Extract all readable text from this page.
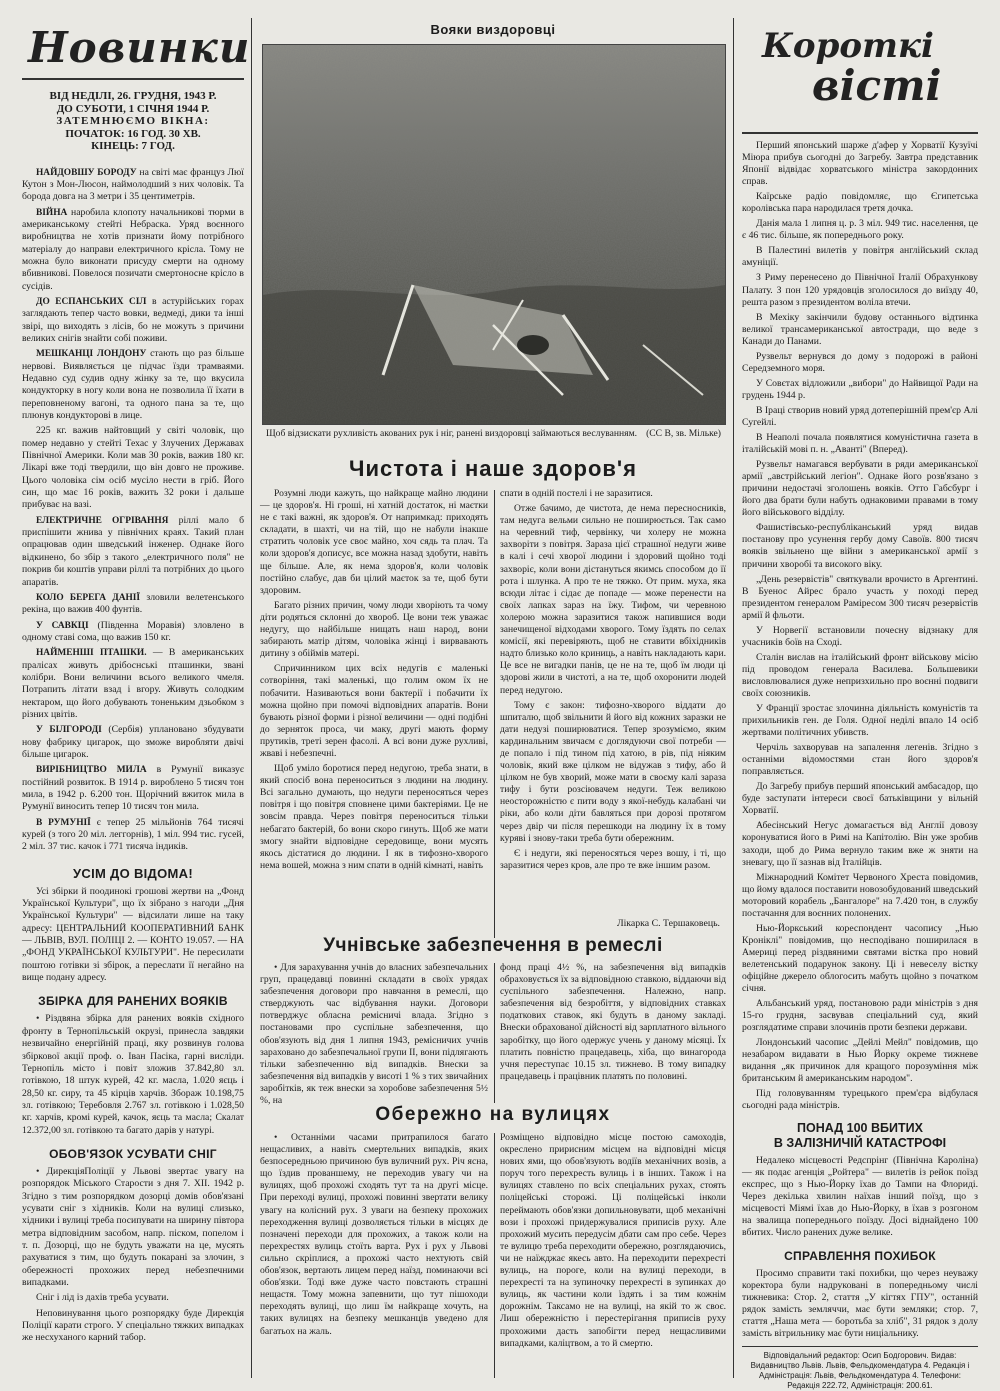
Новинки
ВІД НЕДІЛІ, 26. ГРУДНЯ, 1943 Р.
ДО СУБОТИ, 1 СІЧНЯ 1944 Р.
ЗАТЕМНЮЄМО ВІКНА:
ПОЧАТОК: 16 ГОД. 30 ХВ.
КІНЕЦЬ: 7 ГОД.

НАЙДОВШУ БОРОДУ на світі має француз Люї Кутон з Мон-Люсон, наймолодший з них чоловік. Та борода довга на 3 метри і 35 центиметрів.

ВІЙНА наробила клопоту начальникові тюрми в американському стейті Небраска. Уряд воєнного виробництва не хотів признати йому потрібного матеріалу до направи електричного крісла. Тому не можна було виконати присуду смерти на одному вбивникові. Повелося позичати смертоносне крісло в сусідів.

ДО ЕСПАНСЬКИХ СІЛ в астурійських горах заглядають тепер часто вовки, ведмеді, дики та інші звірі, що виходять з лісів, бо не можуть з причини великих снігів знайти собі поживи.

МЕШКАНЦІ ЛОНДОНУ стають що раз більше нервові. Виявляється це підчас їзди трамваями. Недавно суд судив одну жінку за те, що вкусила кондукторку в ногу коли вона не позволила її їхати в переповненому вагоні, та одного пана за те, що плюнув кондукторові в лице.

225 кг. важив найтовщий у світі чоловік, що помер недавно у стейті Техас у Злучених Державах Північної Америки. Коли мав 30 років, важив 180 кг. Лікарі вже тоді твердили, що він довго не проживе. Цього чоловіка сім осіб мусіло нести в гріб. Його син, що має 16 років, важить 32 роки і дальше прибуває на вазі.

ЕЛЕКТРИЧНЕ ОГРІВАННЯ ріллі мало б приспішити жнива у північних краях. Такий план опрацював один шведський інженер. Однаке його відкинено, бо збір з такого „електричного поля" не покрив би коштів управи ріллі та потрібних до цього апаратів.

КОЛО БЕРЕГА ДАНІЇ зловили велетенського рекіна, що важив 400 фунтів.

У САВКЦІ (Південна Моравія) зловлено в одному ставі сома, що важив 150 кг.

НАЙМЕНШІ ПТАШКИ. — В американських пралісах живуть дрібоснські пташинки, звані колібри. Вони величини всього великого чмеля. Потрапить літати взад і вгору. Живуть солодким нектаром, що його добувають тоненьким дзьобком з різних цвітів.

У БІЛГОРОДІ (Сербія) уплановано збудувати нову фабрику цигарок, що зможе виробляти двічі більше цигарок.

ВИРІБНИЦТВО МИЛА в Румунії виказує постійний розвиток. В 1914 р. вироблено 5 тисяч тон мила, в 1942 р. 6.200 тон. Щорічний вжиток мила в Румунії виносить тепер 10 тисяч тон мила.

В РУМУНІЇ є тепер 25 мільйонів 764 тисячі курей (з того 20 міл. леггорнів), 1 міл. 994 тис. гусей, 2 міл. 37 тис. качок і 771 тисяча індиків.

УСІМ ДО ВІДОМА!

Усі збірки й поодинокі грошові жертви на „Фонд Української Культури", що їх зібрано з нагоди „Дня Української Культури" — відсилати лише на таку адресу: ЦЕНТРАЛЬНИЙ КООПЕРАТИВНИЙ БАНК — ЛЬВІВ, ВУЛ. ПОЛІЦІ 2. — КОНТО 19.057. — НА „ФОНД УКРАЇНСЬКОЇ КУЛЬТУРИ". Не пересилати поштою готівки зі збірок, а переслати її негайно на вище подану адресу.

ЗБІРКА ДЛЯ РАНЕНИХ ВОЯКІВ

• Різдвяна збірка для ранених вояків східного фронту в Тернопільській окрузі, принесла завдяки незвичайно енергійній праці, яку розвинув голова збіркової акції проф. о. Іван Пасіка, гарні висліди. Тернопіль місто і повіт зложив 37.842,80 зл. готівкою, 18 штук курей, 42 кг. масла, 1.020 яєць і 28,50 кг. сиру, та 45 кірців харчів. Збораж 10.198,75 зл. готівкою; Теребовля 2.767 зл. готівкою і 1.028,50 кг. харчів, кромі курей, качок, яєць та масла; Скалат 12.372,00 зл. готівкою та багато дарів у натурі.

ОБОВ'ЯЗОК УСУВАТИ СНІГ

• ДирекціяПоліції у Львові звертає увагу на розпорядок Міського Старости з дня 7. XII. 1942 р. Згідно з тим розпорядком дозорці домів обов'язані усувати сніг з хідників. Коли на вулиці слизько, хідники і вулиці треба посипувати на ширину півтора метра відповідним засобом, напр. піском, попелом і т. п. Дозорці, що не будуть уважати на це, мусять рахуватися з тим, що будуть покарані за злочин, з обережності прохожих перед небезпечними випадками.

Сніг і лід із дахів треба усувати.

Неповинування цього розпорядку буде Дирекція Поліції карати строго. У спеціально тяжких випадках же несхуханого карний табор.

Вояки виздоровці
Щоб відзискати рухливість акованих рук і ніг, ранені виздоровці займаються веслуванням. (СС В, зв. Мільке)
Чистота і наше здоров'я

Розумні люди кажуть, що найкраще майно людини — це здоров'я. Ні гроші, ні хатній достаток, ні маєтки не є такі важні, як здоров'я. От напримкад: приходять складати, в шахті, чи на тій, що не набули інакше стратить чоловік усе своє майно, хоч сядь та плач. Та коли здоров'я дописує, все можна назад здобути, навіть ще більше. Але, як нема здоров'я, коли чоловік постійно слабує, дав би цілий маєток за те, щоб бути здоровим.

Багато різних причин, чому люди хворіють та чому діти родяться склонні до хвороб. Це вони теж уважає недугу, що найбільше нищать наш народ, вони забирають матір дітям, чоловіка жінці і вирвавають дитину з обіймів матері.

Спричинником цих всіх недугів є маленькі сотворіння, такі маленькі, що голим оком їх не побачити. Називаються вони бактерії і побачити їх можна щойно при помочі відповідних апаратів. Вони бувають різної форми і різної величини — одні подібні до зерняток проса, чи маку, другі мають форму прутиків, третi зерен фасолі. А всі вони дуже рухливі, жваві і небезпечні.

Щоб уміло боротися перед недугою, треба знати, в який спосіб вона переноситься з людини на людину. Всі загально думають, що недуги переносяться через повітря і що повітря сповнене цими бактеріями. Це не зовсім правда. Через повітря переноситься тільки небагато бактерій, бо вони скоро гинуть. Щоб же мати змогу знайти відповідне середовище, вони мусять якось дістатися до людини. І як в тифозно-хворого нема вошей, можна з ним спати в одній кімнаті, навіть

спати в одній постелі і не заразитися.

Отже бачимо, де чистота, де нема пересносників, там недуга вельми сильно не поширюється. Так само на черевний тиф, червінку, чи холеру не можна захворіти з повітря. Зараза цієї страшної недуги живе в калі і сечі хворої людини і здоровий щойно тоді захворіє, коли вони дістануться якимсь способом до її рота і шлунка. А про те не тяжко. От прим. муха, яка всюди літає і сідає де попаде — може перенести на своїх лапках зараз на їжу. Тифом, чи черевною холерою можна заразитися також напившися води занечищеної відходами хворого. Тому їздять по селах комісії, які перевіряють, щоб не ставити вбіхідників надто близько коло криниць, а навіть накладають кари. Це все не вигадки панів, це не на те, щоб їм люди ці здорові жили в чистоті, а на те, щоб охоронити людей перед недугою.

Тому є закон: тифозно-хворого віддати до шпиталю, щоб звільнити й його від кожних заразки не дати недузі поширюватися. Тепер зрозуміємо, яким кардинальним звичаєм є доглядуючи свої потреби — де попало і під тином під хатою, в рів, під ніяким чоловік, який вже цілком не відужав з тифу, або й цілком не був хворий, може мати в своєму калі зараза тифу і бути розсіювачем недуги. Теж великою неосторожністю є пити воду з якої-небудь калабані чи ріки, або коли діти бавляться при дорозі протягом через двір чи після перешкоди на людину їх в тому куряві і знову-таки треба бути обережним.

Є і недуги, які переносяться через вошу, і ті, що заразитися через кров, але про те вже іншим разом.

Лікарка С. Тершаковець.
Учнівське забезпечення в ремеслі

• Для зарахування учнів до власних забезпечальних груп, працедавці повинні складати в своїх урядах забезпечення договори про навчання в ремеслі, що стверджують час відбування науки. Договори потверджує обласна ремісничі влада. Згідно з постановами про суспільне забезпечення, що обов'язують від дня 1 липня 1943, ремісничих учнів зараховано до забезпечальної групи II, вони підлягають тільки забезпеченню від випадків. Внески за забезпечення від випадків у висоті 1 % з тих звичайних заробітків, як теж внески за хоробове забезпечення 5½ %, на

фонд праці 4½ %, на забезпечення від випадків обраховується їх за відповідною ставкою, віддаючи від суспільного забезпечення. Належно, напр. забезпечення від безробіття, у відповідних ставках податкових ставок, які будуть в даному закладі. Внески обрахованої дійсності від зарплатного вільного заробітку, що його одержує учень у даному місяці. Їх платить повністю працедавець, хіба, що винагорода учня переступає 10.15 зл. тижнево. В тому випадку працедавець і працівник платять по половині.

Обережно на вулицях

• Останніми часами притрапилося багато нещасливих, а навіть смертельних випадків, яких безпосередньою причиною був вуличний рух. Річ ясна, що їздив прованшему, не переходив увагу чи на вулицях, щоб прохожі сходять тут та на другі місце. При переході вулиці, прохожі повинні звертати велику увагу на колісний рух. З уваги на безпеку прохожих переходження вулиці дозволяється тільки в місцях де позначені переходи для прохожих, а також коли на перехрестях вулиць стоїть варта. Рух і рух у Львові сильно скріплися, а прохожі часто нехтують свій обов'язок, вертають лицем перед наїзд, поминаючи всі обов'язки. Тоді вже дуже часто повстають страшні нещастя. Тому можна запевнити, що тут пішоходи переходять вулиці, що лиш їм найкраще хочуть, на таких вулицях на безпеку мешканців уведено для багатьох на жаль.

Розміщено відповідно місце постою самоходів, окреслено пририсним місцем на відповідні місця нових ями, що обов'язують водіїв механічних возів, а поруч того перехресть вулиць і в інших. Також і на вулицях ставлено по всіх спеціальних рухах, стоять поліцейські сторожі. Ці поліцейські інколи переймають обов'язки допильновувати, щоб механічні вози і прохожі придержувалися приписів руху. Але прохожий мусить передусім дбати сам про себе. Через те вулицю треба переходити обережно, розглядаючись, чи не наїжджає якесь авто. На переходити перехресті вулиць, на пороге, коли на вулиці переходи, в перехресті та на зупиночку перехресті в зупинках до вулиць, як частини коли їздять і за тим кожнім дорожнім. Таксамо не на вулиці, на якій то ж своє. Лиш обережністю і перестерігання приписів руху прохожими дасть запобігти перед нещасливими випадками, каліцтвом, а то й смертю.

Короткі
вісті

Перший японський шарже д'афер у Хорватії Кузуїчі Міюра прибув сьогодні до Загребу. Завтра представник Японії відвідає хорватського міністра закордонних справ.

Каїрське радіо повідомляє, що Єгипетська королівська пара народилася третя дочка.

Данія мала 1 липня ц. р. 3 міл. 949 тис. населення, це є 46 тис. більше, як попереднього року.

В Палестині вилетів у повітря англійський склад амуніції.

З Риму перенесено до Північної Італії Обрахункову Палату. З пон 120 урядовців зголосилося до виїзду 40, решта разом з президентом воліла втечи.

В Мехіку закінчили будову останнього відтинка великої трансамериканської автостради, що веде з Канади до Панами.

Рузвельт вернувся до дому з подорожі в районі Середземного моря.

У Совєтах відложили „вибори" до Найвищої Ради на грудень 1944 р.

В Іраці створив новий уряд дотеперішній прем'єр Алі Сугейлі.

В Неаполі почала появлятися комуністична газета в італійській мові п. н. „Аванті" (Вперед).

Рузвельт намагався вербувати в ряди американської армії „австрійський легіон". Однаке його розв'язано з причини недостачі зголошень вояків. Отто Габсбург і його два брати були набуть однаковими правами в тому його військового відділу.

Фашистівсько-республіканський уряд видав постанову про усунення гербу дому Савоїв. 800 тисяч вояків звільнено ще війни з американської армії з причини хворобі та високого віку.

„День резервістів" святкували врочисто в Аргентині. В Буенос Айрес брало участь у поході перед президентом генералом Раміресом 300 тисяч резервістів армії й фльоти.

У Норвегії встановили почесну відзнаку для учасників боїв на Сході.

Сталін вислав на італійський фронт військову місію під проводом генерала Василева. Большевики висловлювалися дуже непризхильно про воєнні подвиги своїх союзників.

У Франції зростає злочинна діяльність комуністів та прихильників ген. де Голя. Одної неділі впало 14 осіб жертвами політичних убивств.

Черчіль захворував на запалення легенів. Згідно з останніми відомостями стан його здоров'я поправляється.

До Загребу прибув перший японський амбасадор, що буде заступати інтереси своєї батьківщини у вільній Хорватії.

Абесінський Негус домагається від Англії довозу коронуватися його в Римі на Капітолію. Він уже зробив заходи, щоб до Рима вернуло таким вже ж зняти на зневагу, що її зазнав від Італійців.

Міжнародний Комітет Червоного Хреста повідомив, що йому вдалося поставити новозобудований шведський моторовий корабель „Бангалоре" на 7.420 тон, в службу постачання для воєнних полонених.

Нью-Йоркський кореспондент часопису „Нью Кроніклі" повідомив, що несподівано поширилася в Америці перед різдвяними святами вістка про новий велетенський подарунок закону. Ці і невеселу вістку офіційне джерело облогосить мабуть щойно з початком січня.

Альбанський уряд, постановою ради міністрів з дня 15-го грудня, засвував спеціальний суд, який розглядатиме справи злочинів проти безпеки держави.

Лондонський часопис „Дейлі Мейл" повідомив, що незабаром видавати в Нью Йорку окреме тижневе видання „як причинок для кращого порозуміння між британським й американським народом".

Під головуванням турецького прем'єра відбулася сьогодні рада міністрів.

ПОНАД 100 ВБИТИХ
В ЗАЛІЗНИЧІЙ КАТАСТРОФІ

Недалеко місцевості Редспрінг (Північна Кароліна) — як подає агенція „Ройтера" — вилетів із рейок поїзд експрес, що з Нью-Йорку їхав до Тампи на Флориді. Через декілька хвилин наїхав інший поїзд, що з місцевості Міямі їхав до Нью-Йорку, в їхав з розгоном на звалища попереднього поїзду. Досі віднайдено 100 вбитих. Число ранених дуже велике.

СПРАВЛЕННЯ ПОХИБОК

Просимо справити такі похибки, що через неуважу коректора були надруковані в попередньому числі тижневика: Стор. 2, стаття „У кігтях ГПУ", останній рядок замість земляччи, має бути земляки; стор. 7, стаття „Наша мета — боротьба за хліб", 31 рядок з долу замість вітрильнику має бути ниціальнику.

Відповідальний редактор: Осип Бодгорович. Видав: Видавництво Львів. Львів, Фельдкомендатура 4. Редакція і Адміністрація: Львів, Фельдкомендатура 4. Телефони: Редакція 222.72, Адміністрація: 200.61.
